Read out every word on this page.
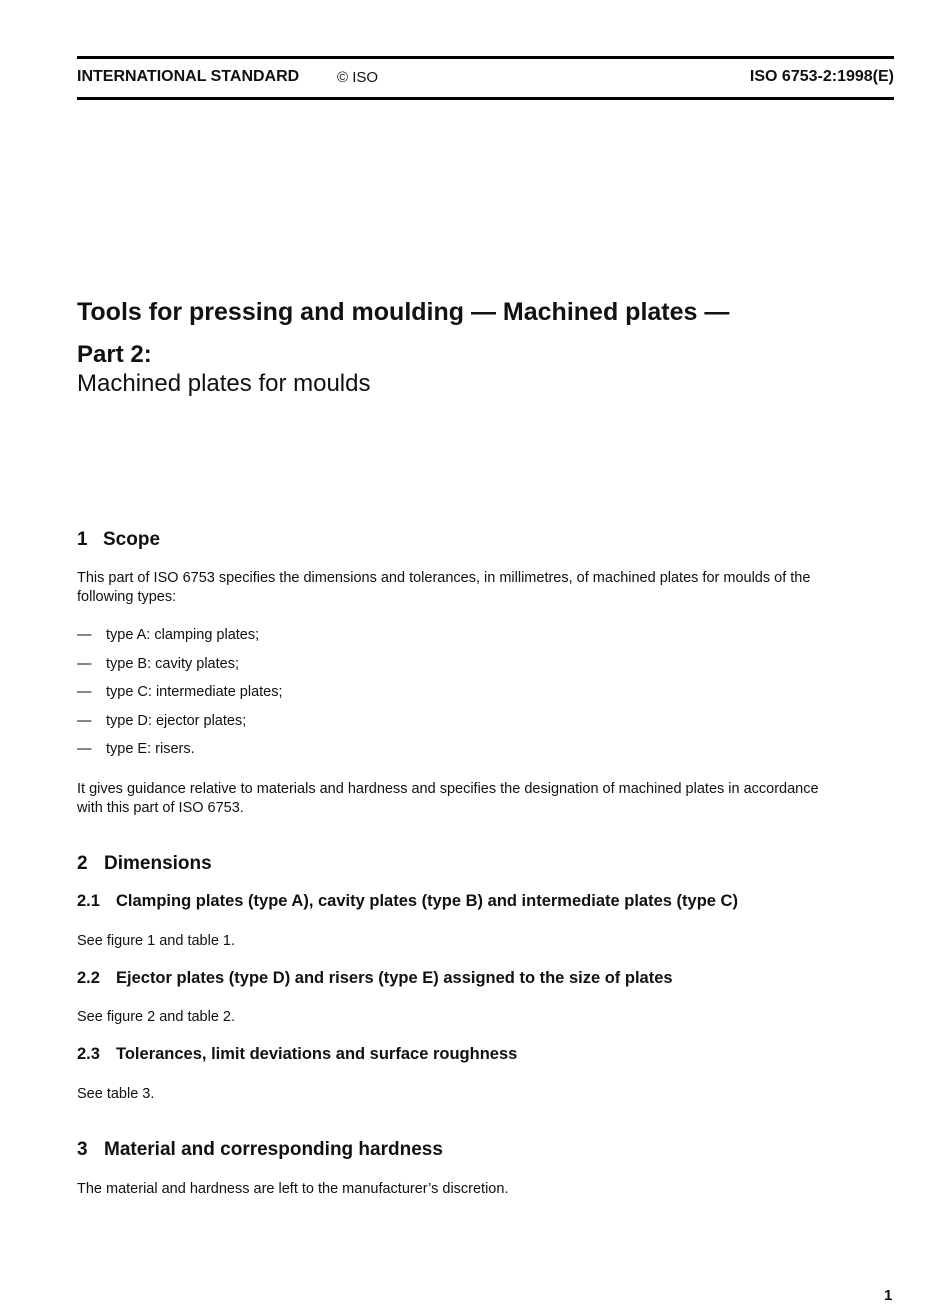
INTERNATIONAL STANDARD	© ISO	ISO 6753-2:1998(E)
Tools for pressing and moulding — Machined plates —
Part 2:
Machined plates for moulds
1 Scope
This part of ISO 6753 specifies the dimensions and tolerances, in millimetres, of machined plates for moulds of the
following types:
— type A: clamping plates;
— type B: cavity plates;
— type C: intermediate plates;
— type D: ejector plates;
— type E: risers.
It gives guidance relative to materials and hardness and specifies the designation of machined plates in accordance
with this part of ISO 6753.
2 Dimensions
2.1 Clamping plates (type A), cavity plates (type B) and intermediate plates (type C)
See figure 1 and table 1.
2.2 Ejector plates (type D) and risers (type E) assigned to the size of plates
See figure 2 and table 2.
2.3 Tolerances, limit deviations and surface roughness
See table 3.
3 Material and corresponding hardness
The material and hardness are left to the manufacturer’s discretion.
1
